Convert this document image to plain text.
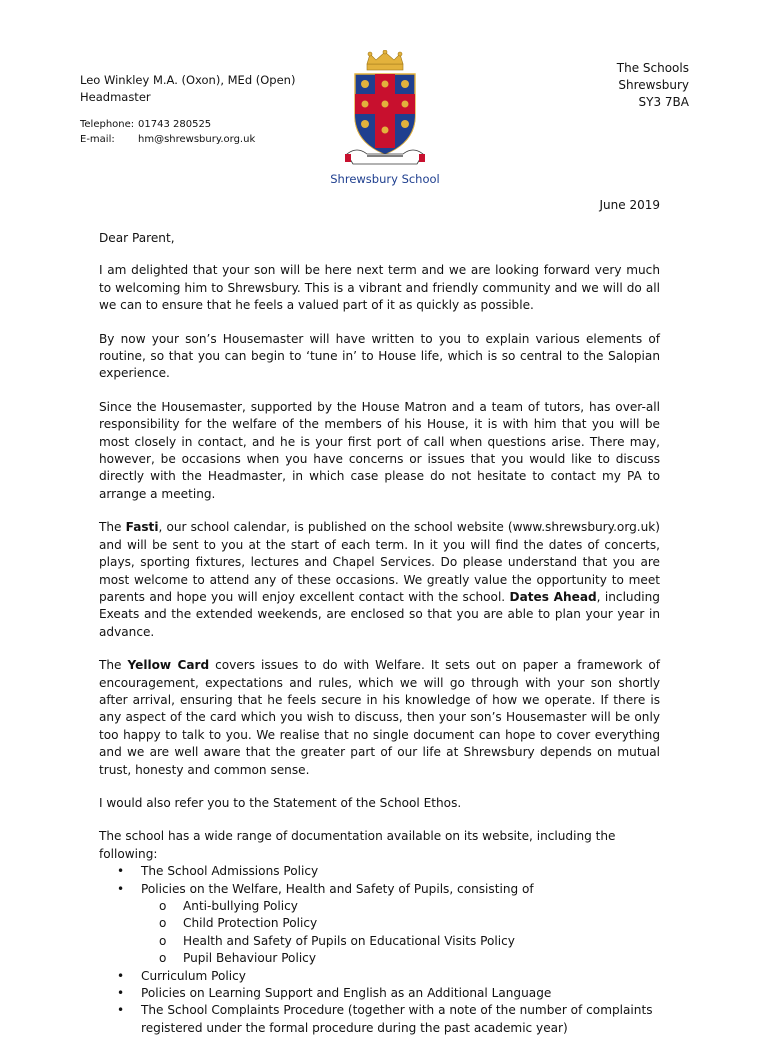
Leo Winkley M.A. (Oxon), MEd (Open)
Headmaster
Telephone: 01743 280525
E-mail:	hm@shrewsbury.org.uk
Shrewsbury School
The Schools
Shrewsbury
SY3 7BA
June 2019

Dear Parent,

I am delighted that your son will be here next term and we are looking forward very much to welcoming him to Shrewsbury. This is a vibrant and friendly community and we will do all we can to ensure that he feels a valued part of it as quickly as possible.

By now your son’s Housemaster will have written to you to explain various elements of routine, so that you can begin to ‘tune in’ to House life, which is so central to the Salopian experience.

Since the Housemaster, supported by the House Matron and a team of tutors, has over-all responsibility for the welfare of the members of his House, it is with him that you will be most closely in contact, and he is your first port of call when questions arise. There may, however, be occasions when you have concerns or issues that you would like to discuss directly with the Headmaster, in which case please do not hesitate to contact my PA to arrange a meeting.

The Fasti, our school calendar, is published on the school website (www.shrewsbury.org.uk) and will be sent to you at the start of each term. In it you will find the dates of concerts, plays, sporting fixtures, lectures and Chapel Services. Do please understand that you are most welcome to attend any of these occasions. We greatly value the opportunity to meet parents and hope you will enjoy excellent contact with the school. Dates Ahead, including Exeats and the extended weekends, are enclosed so that you are able to plan your year in advance.

The Yellow Card covers issues to do with Welfare. It sets out on paper a framework of encouragement, expectations and rules, which we will go through with your son shortly after arrival, ensuring that he feels secure in his knowledge of how we operate. If there is any aspect of the card which you wish to discuss, then your son’s Housemaster will be only too happy to talk to you. We realise that no single document can hope to cover everything and we are well aware that the greater part of our life at Shrewsbury depends on mutual trust, honesty and common sense.

I would also refer you to the Statement of the School Ethos.

The school has a wide range of documentation available on its website, including the following:
• The School Admissions Policy
• Policies on the Welfare, Health and Safety of Pupils, consisting of
o Anti-bullying Policy
o Child Protection Policy
o Health and Safety of Pupils on Educational Visits Policy
o Pupil Behaviour Policy
• Curriculum Policy
• Policies on Learning Support and English as an Additional Language
• The School Complaints Procedure (together with a note of the number of complaints registered under the formal procedure during the past academic year)
